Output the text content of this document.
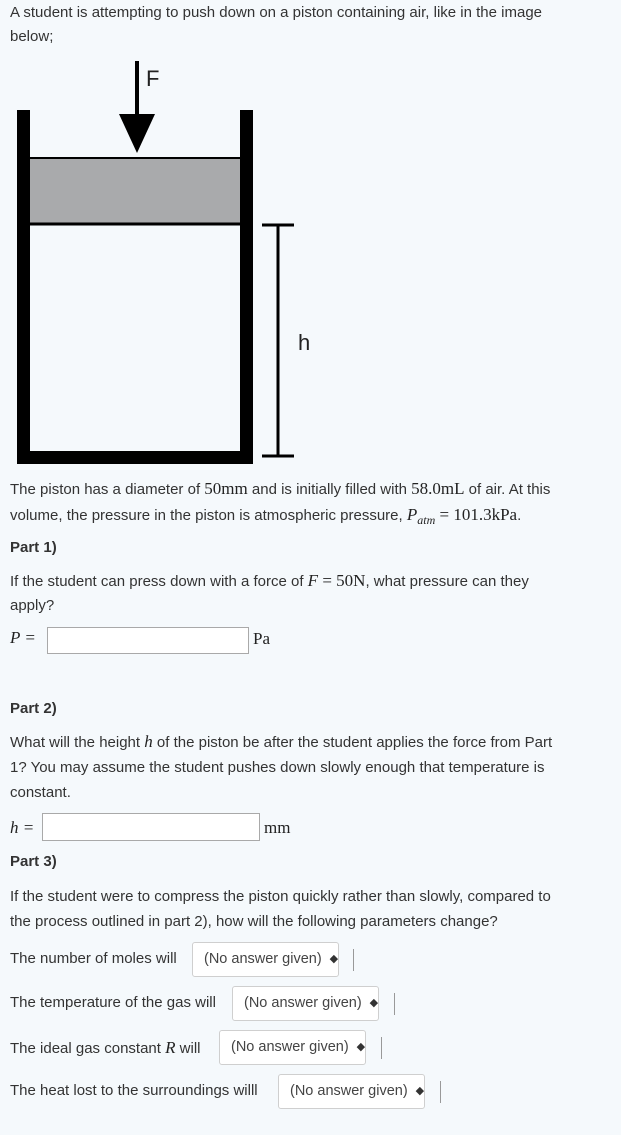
A student is attempting to push down on a piston containing air, like in the image

below;

F
h

The piston has a diameter of 50mm and is initially filled with 58.0mL of air. At this

volume, the pressure in the piston is atmospheric pressure, $P_{atm} = 101.3kPa$.

Part 1)

If the student can press down with a force of F = 50N, what pressure can they

apply?

P =	Pa

Part 2)

What will the height h of the piston be after the student applies the force from Part

1? You may assume the student pushes down slowly enough that temperature is

constant.

h =	mm

Part 3)

If the student were to compress the piston quickly rather than slowly, compared to

the process outlined in part 2), how will the following parameters change?

The number of moles will	(No answer given) ◆
The temperature of the gas will	(No answer given) ◆
The ideal gas constant R will	(No answer given) ◆
The heat lost to the surroundings willl	(No answer given) ◆
